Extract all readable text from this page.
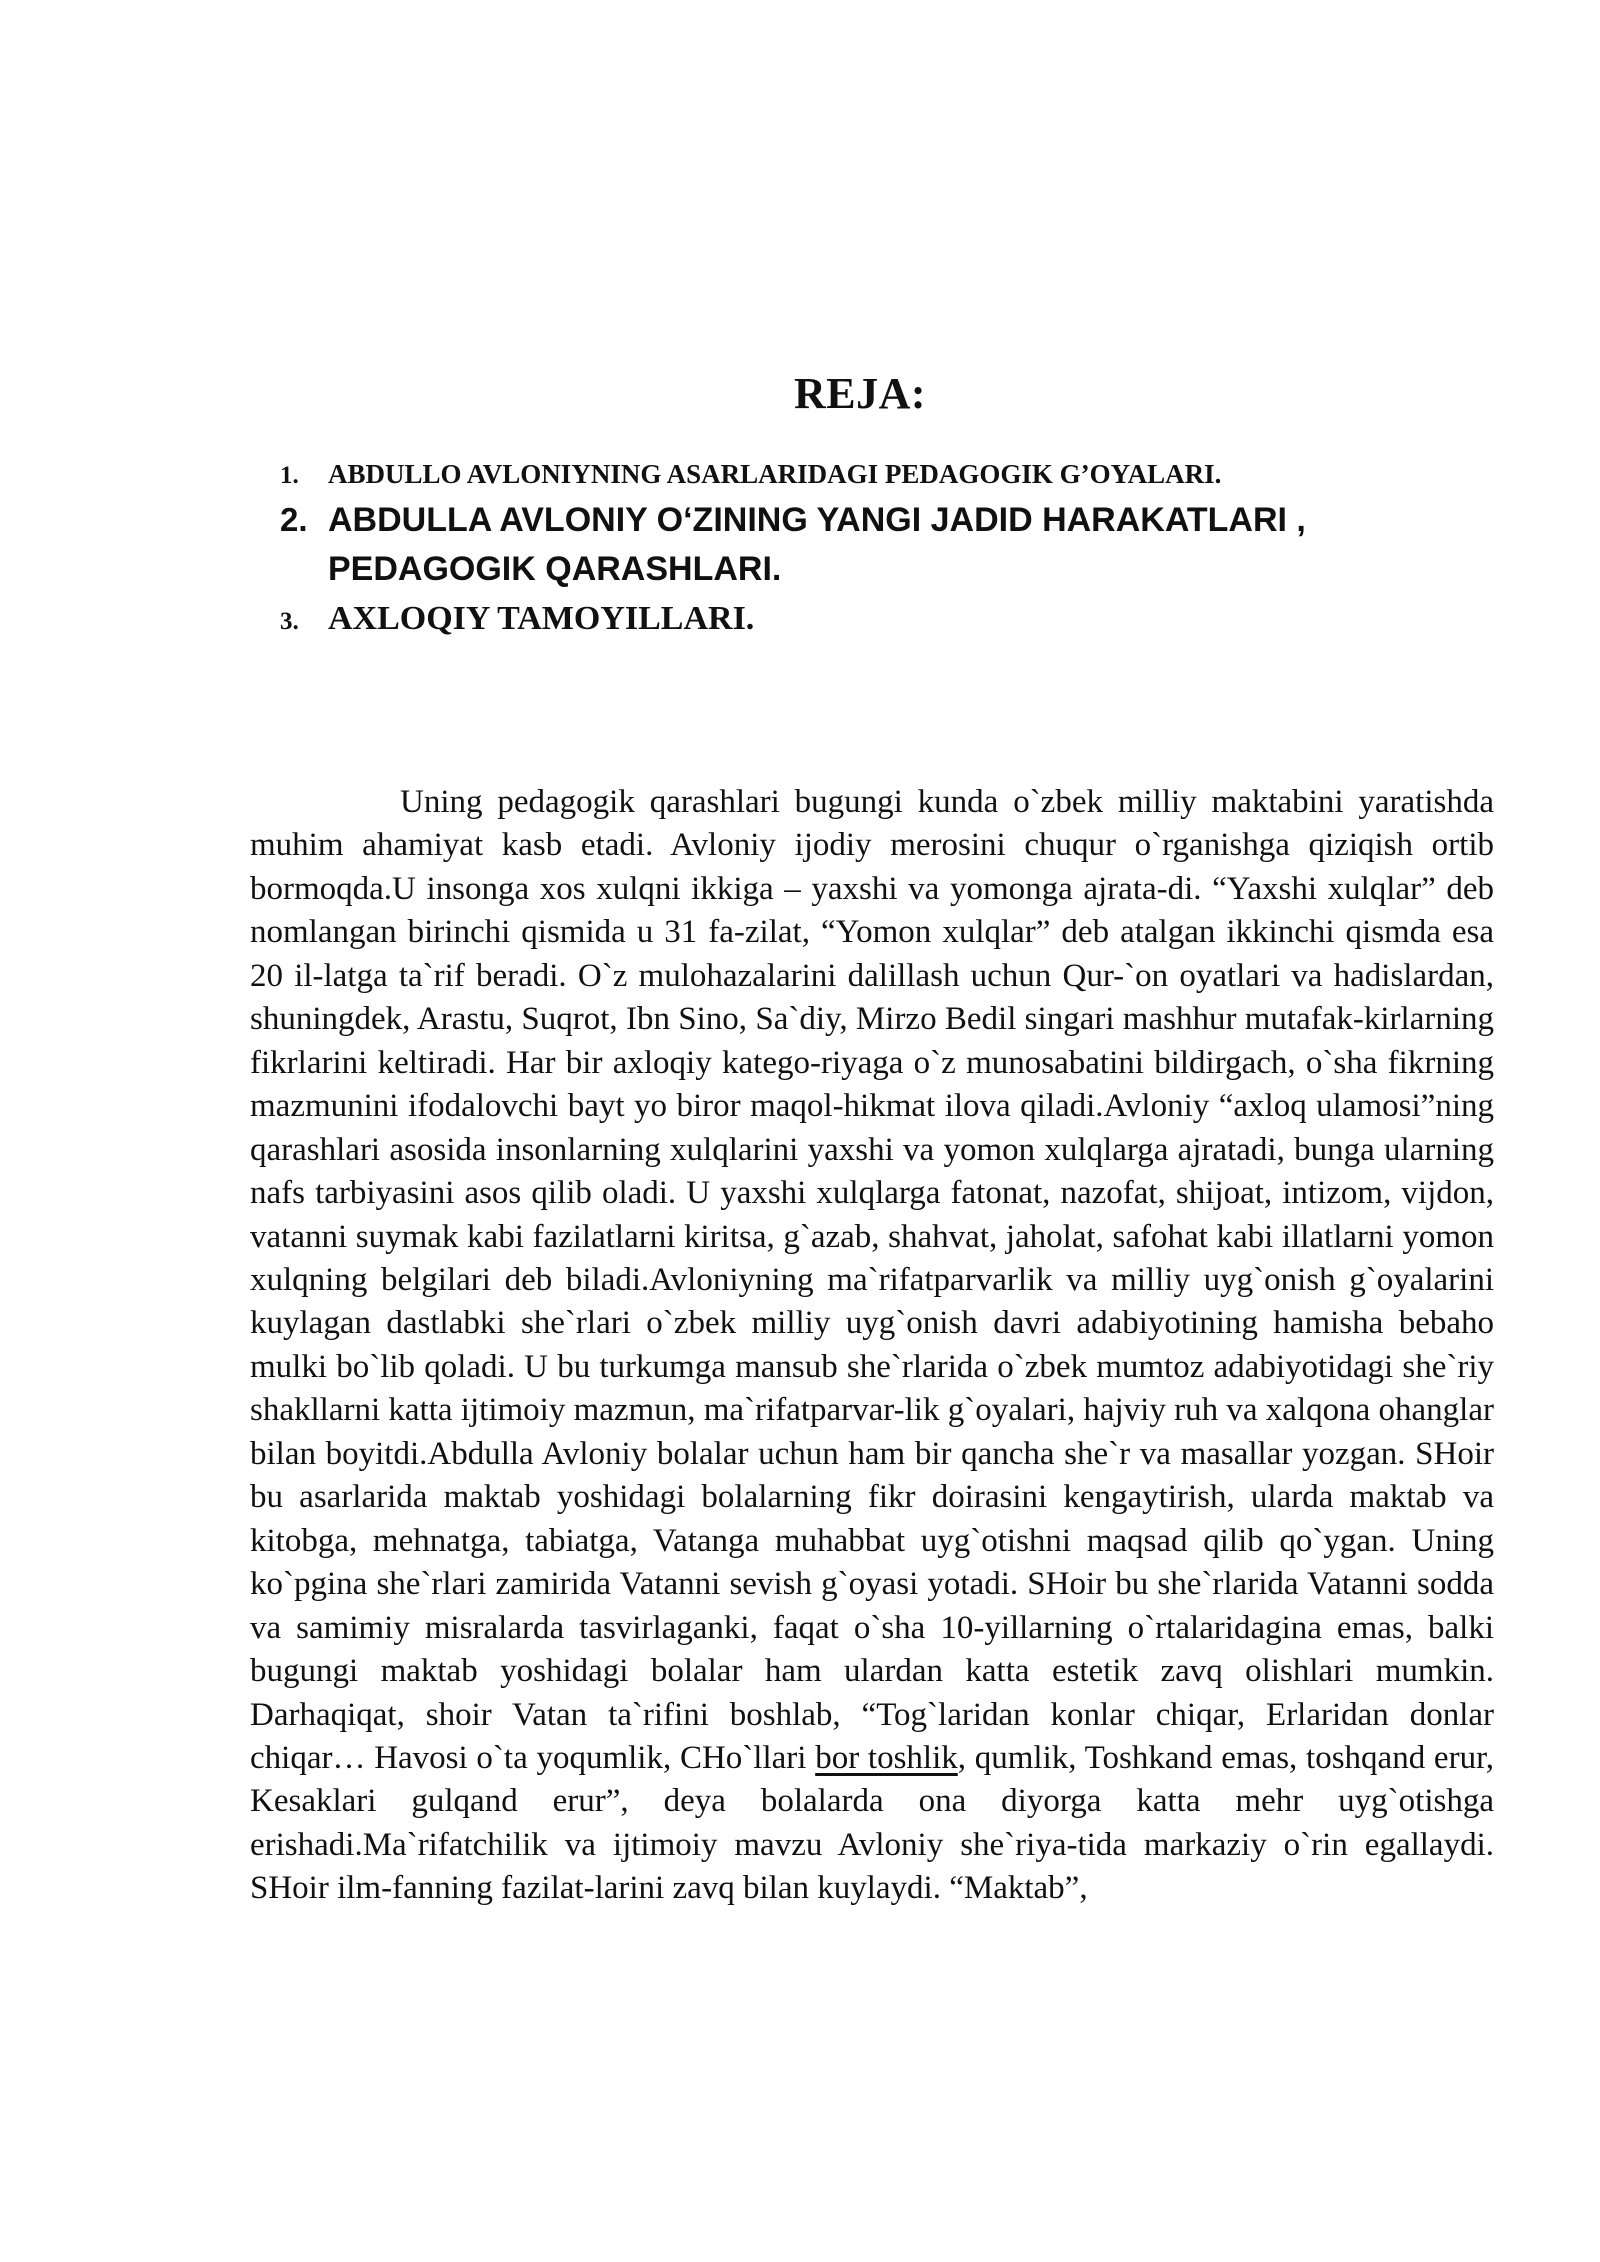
REJA:
1.	ABDULLO AVLONIYNING ASARLARIDAGI PEDAGOGIK G’OYALARI.
2. ABDULLA AVLONIY O‘ZINING YANGI JADID HARAKATLARI , PEDAGOGIK QARASHLARI.
3. AXLOQIY TAMOYILLARI.

Uning pedagogik qarashlari bugungi kunda o`zbek milliy maktabini yaratishda muhim ahamiyat kasb etadi. Avloniy ijodiy merosini chuqur o`rganishga qiziqish ortib bormoqda.U insonga xos xulqni ikkiga – yaxshi va yomonga ajrata-di. “Yaxshi xulqlar” deb nomlangan birinchi qismida u 31 fa-zilat, “Yomon xulqlar” deb atalgan ikkinchi qismda esa 20 il-latga ta`rif beradi. O`z mulohazalarini dalillash uchun Qur-`on oyatlari va hadislardan, shuningdek, Arastu, Suqrot, Ibn Sino, Sa`diy, Mirzo Bedil singari mashhur mutafak-kirlarning fikrlarini keltiradi. Har bir axloqiy katego-riyaga o`z munosabatini bildirgach, o`sha fikrning mazmunini ifodalovchi bayt yo biror maqol-hikmat ilova qiladi.Avloniy “axloq ulamosi”ning qarashlari asosida insonlarning xulqlarini yaxshi va yomon xulqlarga ajratadi, bunga ularning nafs tarbiyasini asos qilib oladi. U yaxshi xulqlarga fatonat, nazofat, shijoat, intizom, vijdon, vatanni suymak kabi fazilatlarni kiritsa, g`azab, shahvat, jaholat, safohat kabi illatlarni yomon xulqning belgilari deb biladi.Avloniyning ma`rifatparvarlik va milliy uyg`onish g`oyalarini kuylagan dastlabki she`rlari o`zbek milliy uyg`onish davri adabiyotining hamisha bebaho mulki bo`lib qoladi. U bu turkumga mansub she`rlarida o`zbek mumtoz adabiyotidagi she`riy shakllarni katta ijtimoiy mazmun, ma`rifatparvar-lik g`oyalari, hajviy ruh va xalqona ohanglar bilan boyitdi.Abdulla Avloniy bolalar uchun ham bir qancha she`r va masallar yozgan. SHoir bu asarlarida maktab yoshidagi bolalarning fikr doirasini kengaytirish, ularda maktab va kitobga, mehnatga, tabiatga, Vatanga muhabbat uyg`otishni maqsad qilib qo`ygan. Uning ko`pgina she`rlari zamirida Vatanni sevish g`oyasi yotadi. SHoir bu she`rlarida Vatanni sodda va samimiy misralarda tasvirlaganki, faqat o`sha 10-yillarning o`rtalaridagina emas, balki bugungi maktab yoshidagi bolalar ham ulardan katta estetik zavq olishlari mumkin. Darhaqiqat, shoir Vatan ta`rifini boshlab, “Tog`laridan konlar chiqar, Erlaridan donlar chiqar… Havosi o`ta yoqumlik, CHo`llari bor toshlik, qumlik, Toshkand emas, toshqand erur, Kesaklari gulqand erur”, deya bolalarda ona diyorga katta mehr uyg`otishga erishadi.Ma`rifatchilik va ijtimoiy mavzu Avloniy she`riya-tida markaziy o`rin egallaydi. SHoir ilm-fanning fazilat-larini zavq bilan kuylaydi. “Maktab”,
